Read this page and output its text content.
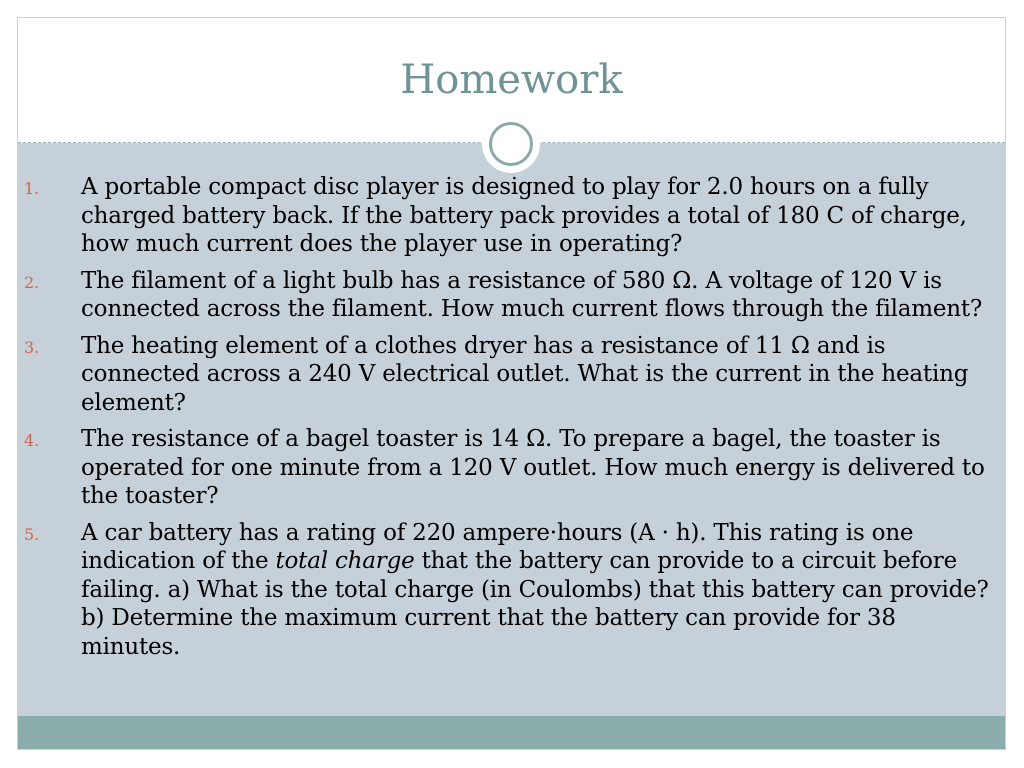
Homework
1. A portable compact disc player is designed to play for 2.0 hours on a fully charged battery back. If the battery pack provides a total of 180 C of charge, how much current does the player use in operating?
2. The filament of a light bulb has a resistance of 580 Ω. A voltage of 120 V is connected across the filament. How much current flows through the filament?
3. The heating element of a clothes dryer has a resistance of 11 Ω and is connected across a 240 V electrical outlet. What is the current in the heating element?
4. The resistance of a bagel toaster is 14 Ω. To prepare a bagel, the toaster is operated for one minute from a 120 V outlet. How much energy is delivered to the toaster?
5. A car battery has a rating of 220 ampere·hours (A · h). This rating is one indication of the total charge that the battery can provide to a circuit before failing. a) What is the total charge (in Coulombs) that this battery can provide? b) Determine the maximum current that the battery can provide for 38 minutes.
